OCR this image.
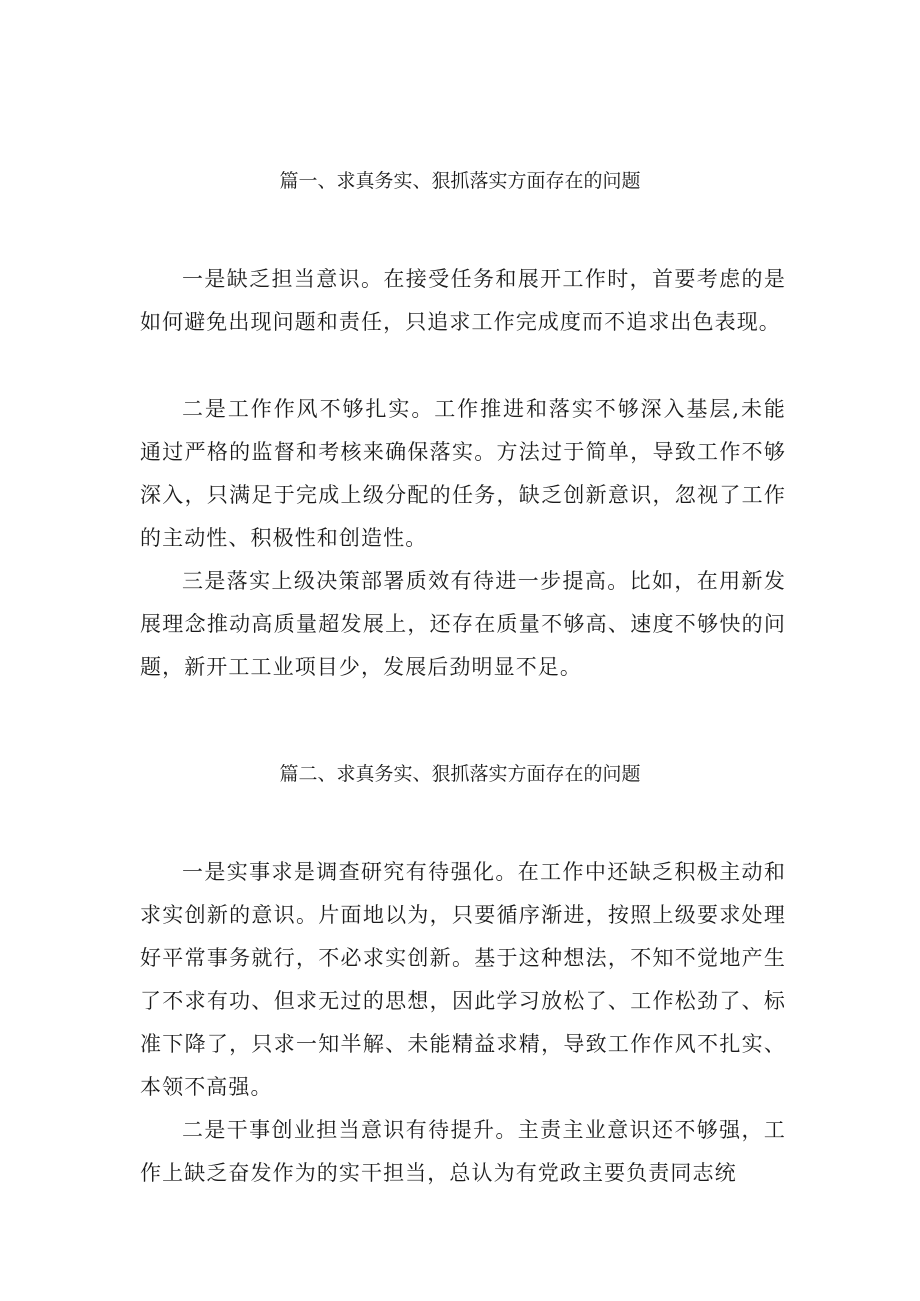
篇一、求真务实、狠抓落实方面存在的问题

一是缺乏担当意识。在接受任务和展开工作时，首要考虑的是如何避免出现问题和责任，只追求工作完成度而不追求出色表现。

二是工作作风不够扎实。工作推进和落实不够深入基层,未能通过严格的监督和考核来确保落实。方法过于简单，导致工作不够深入，只满足于完成上级分配的任务，缺乏创新意识，忽视了工作的主动性、积极性和创造性。

三是落实上级决策部署质效有待进一步提高。比如，在用新发展理念推动高质量超发展上，还存在质量不够高、速度不够快的问题，新开工工业项目少，发展后劲明显不足。

篇二、求真务实、狠抓落实方面存在的问题

一是实事求是调查研究有待强化。在工作中还缺乏积极主动和求实创新的意识。片面地以为，只要循序渐进，按照上级要求处理好平常事务就行，不必求实创新。基于这种想法，不知不觉地产生了不求有功、但求无过的思想，因此学习放松了、工作松劲了、标准下降了，只求一知半解、未能精益求精，导致工作作风不扎实、本领不高强。

二是干事创业担当意识有待提升。主责主业意识还不够强，工作上缺乏奋发作为的实干担当，总认为有党政主要负责同志统
